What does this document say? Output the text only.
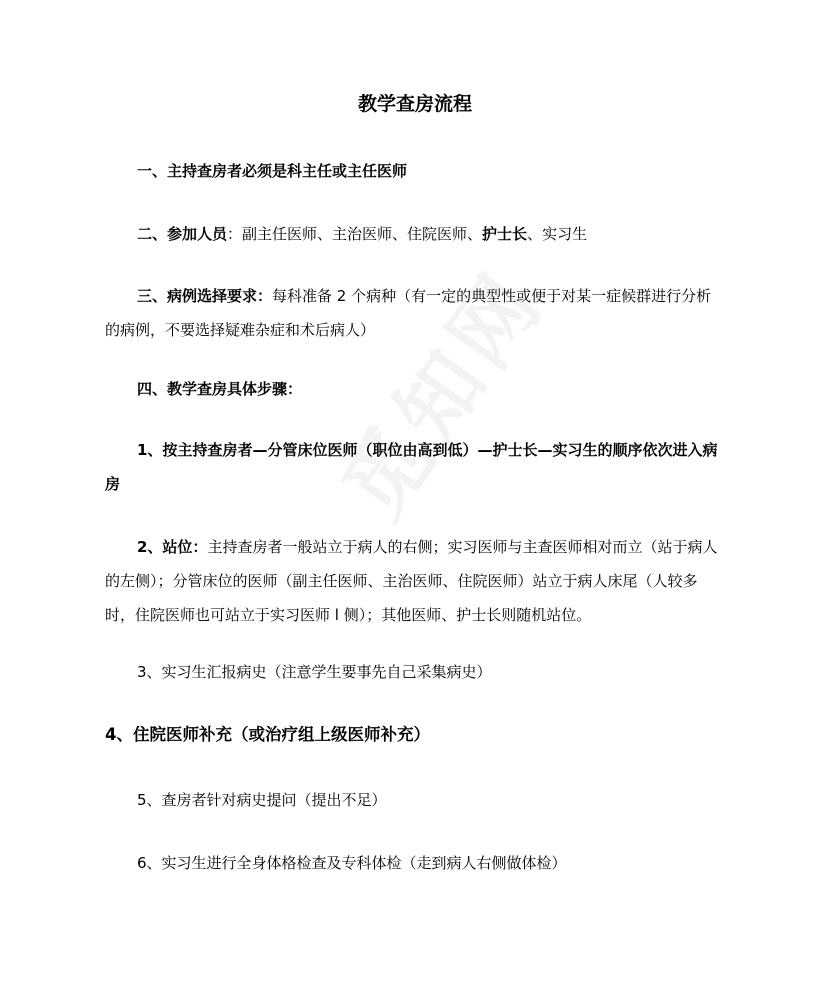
教学查房流程
一、主持查房者必须是科主任或主任医师
二、参加人员：副主任医师、主治医师、住院医师、护士长、实习生
三、病例选择要求：每科准备 2 个病种（有一定的典型性或便于对某一症候群进行分析的病例，不要选择疑难杂症和术后病人）
四、教学查房具体步骤：
1、按主持查房者—分管床位医师（职位由高到低）—护士长—实习生的顺序依次进入病房
2、站位：主持查房者一般站立于病人的右侧；实习医师与主查医师相对而立（站于病人的左侧）；分管床位的医师（副主任医师、主治医师、住院医师）站立于病人床尾（人较多时，住院医师也可站立于实习医师 l 侧）；其他医师、护士长则随机站位。
3、实习生汇报病史（注意学生要事先自己采集病史）
4、住院医师补充（或治疗组上级医师补充）
5、查房者针对病史提问（提出不足）
6、实习生进行全身体格检查及专科体检（走到病人右侧做体检）
